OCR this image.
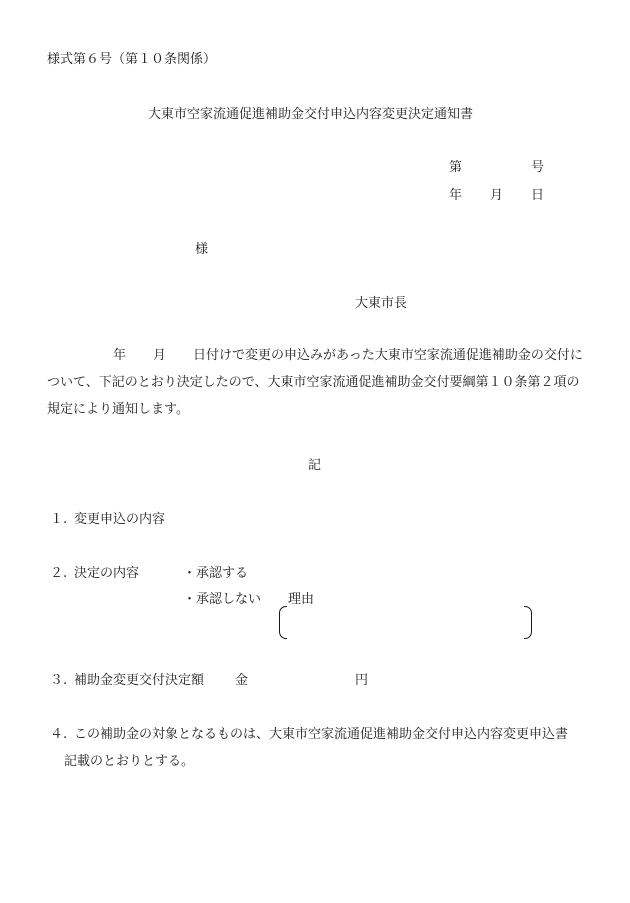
様式第６号（第１０条関係）
大東市空家流通促進補助金交付申込内容変更決定通知書
第	号
年 月 日
様
大東市長
年 月 日付けで変更の申込みがあった大東市空家流通促進補助金の交付について、下記のとおり決定したので、大東市空家流通促進補助金交付要綱第１０条第２項の規定により通知します。
記
１. 変更申込の内容
２. 決定の内容	・承認する
・承認しない 理由
３. 補助金変更交付決定額 金	円
４. この補助金の対象となるものは、大東市空家流通促進補助金交付申込内容変更申込書
記載のとおりとする。
